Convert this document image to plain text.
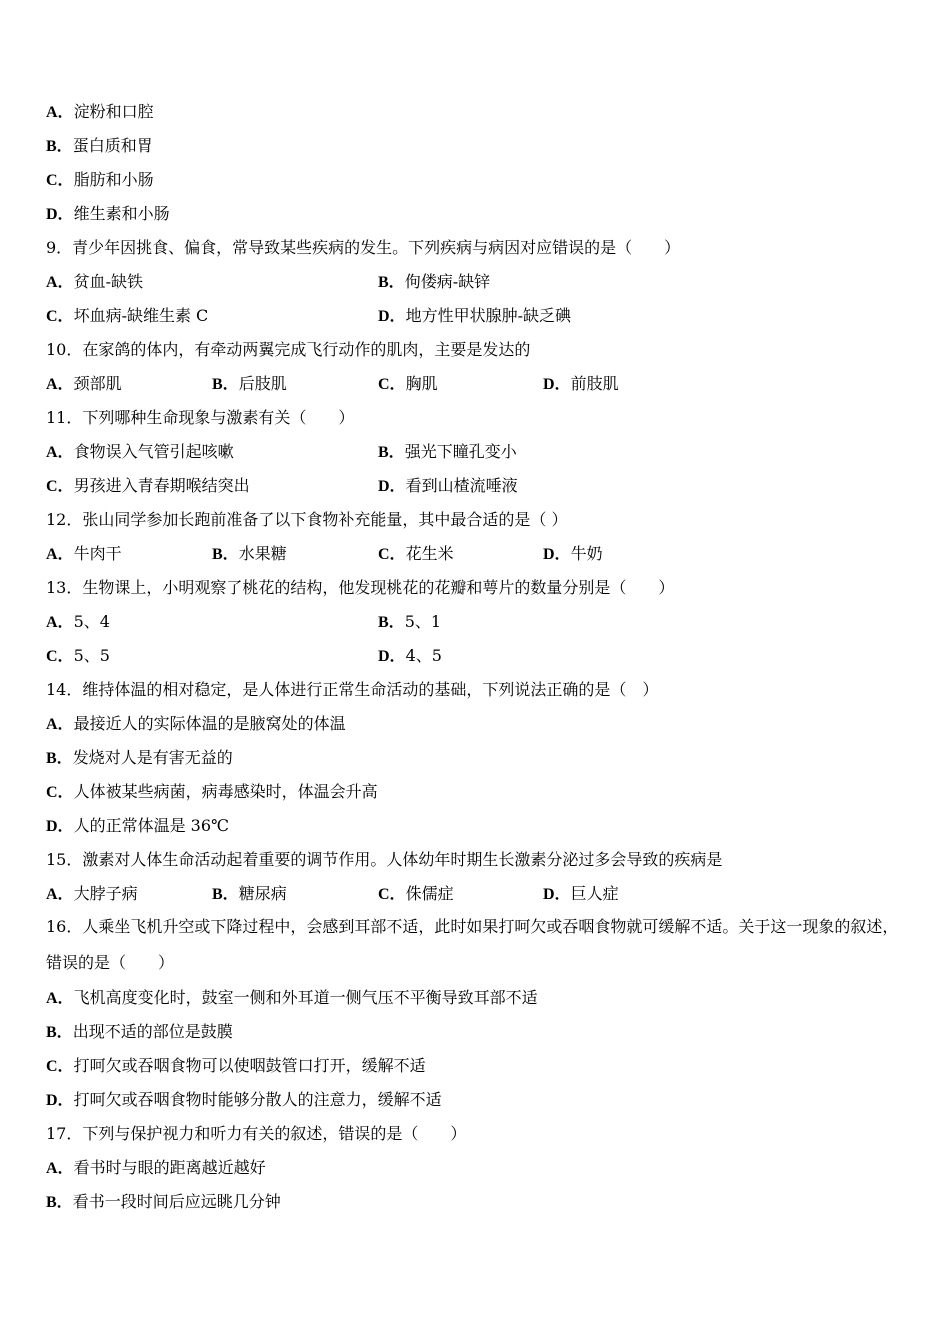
A．淀粉和口腔
B．蛋白质和胃
C．脂肪和小肠
D．维生素和小肠
9．青少年因挑食、偏食，常导致某些疾病的发生。下列疾病与病因对应错误的是（　　）
A．贫血-缺铁	B．佝偻病-缺锌
C．坏血病-缺维生素 C	D．地方性甲状腺肿-缺乏碘
10．在家鸽的体内，有牵动两翼完成飞行动作的肌肉，主要是发达的
A．颈部肌	B．后肢肌	C．胸肌	D．前肢肌
11．下列哪种生命现象与激素有关（　　）
A．食物误入气管引起咳嗽	B．强光下瞳孔变小
C．男孩进入青春期喉结突出	D．看到山楂流唾液
12．张山同学参加长跑前准备了以下食物补充能量，其中最合适的是（ ）
A．牛肉干	B．水果糖	C．花生米	D．牛奶
13．生物课上，小明观察了桃花的结构，他发现桃花的花瓣和萼片的数量分别是（　　）
A．5、4	B．5、1
C．5、5	D．4、5
14．维持体温的相对稳定，是人体进行正常生命活动的基础，下列说法正确的是（　）
A．最接近人的实际体温的是腋窝处的体温
B．发烧对人是有害无益的
C．人体被某些病菌，病毒感染时，体温会升高
D．人的正常体温是 36℃
15．激素对人体生命活动起着重要的调节作用。人体幼年时期生长激素分泌过多会导致的疾病是
A．大脖子病	B．糖尿病	C．侏儒症	D．巨人症
16．人乘坐飞机升空或下降过程中，会感到耳部不适，此时如果打呵欠或吞咽食物就可缓解不适。关于这一现象的叙述，错误的是（　　）
A．飞机高度变化时，鼓室一侧和外耳道一侧气压不平衡导致耳部不适
B．出现不适的部位是鼓膜
C．打呵欠或吞咽食物可以使咽鼓管口打开，缓解不适
D．打呵欠或吞咽食物时能够分散人的注意力，缓解不适
17．下列与保护视力和听力有关的叙述，错误的是（　　）
A．看书时与眼的距离越近越好
B．看书一段时间后应远眺几分钟
